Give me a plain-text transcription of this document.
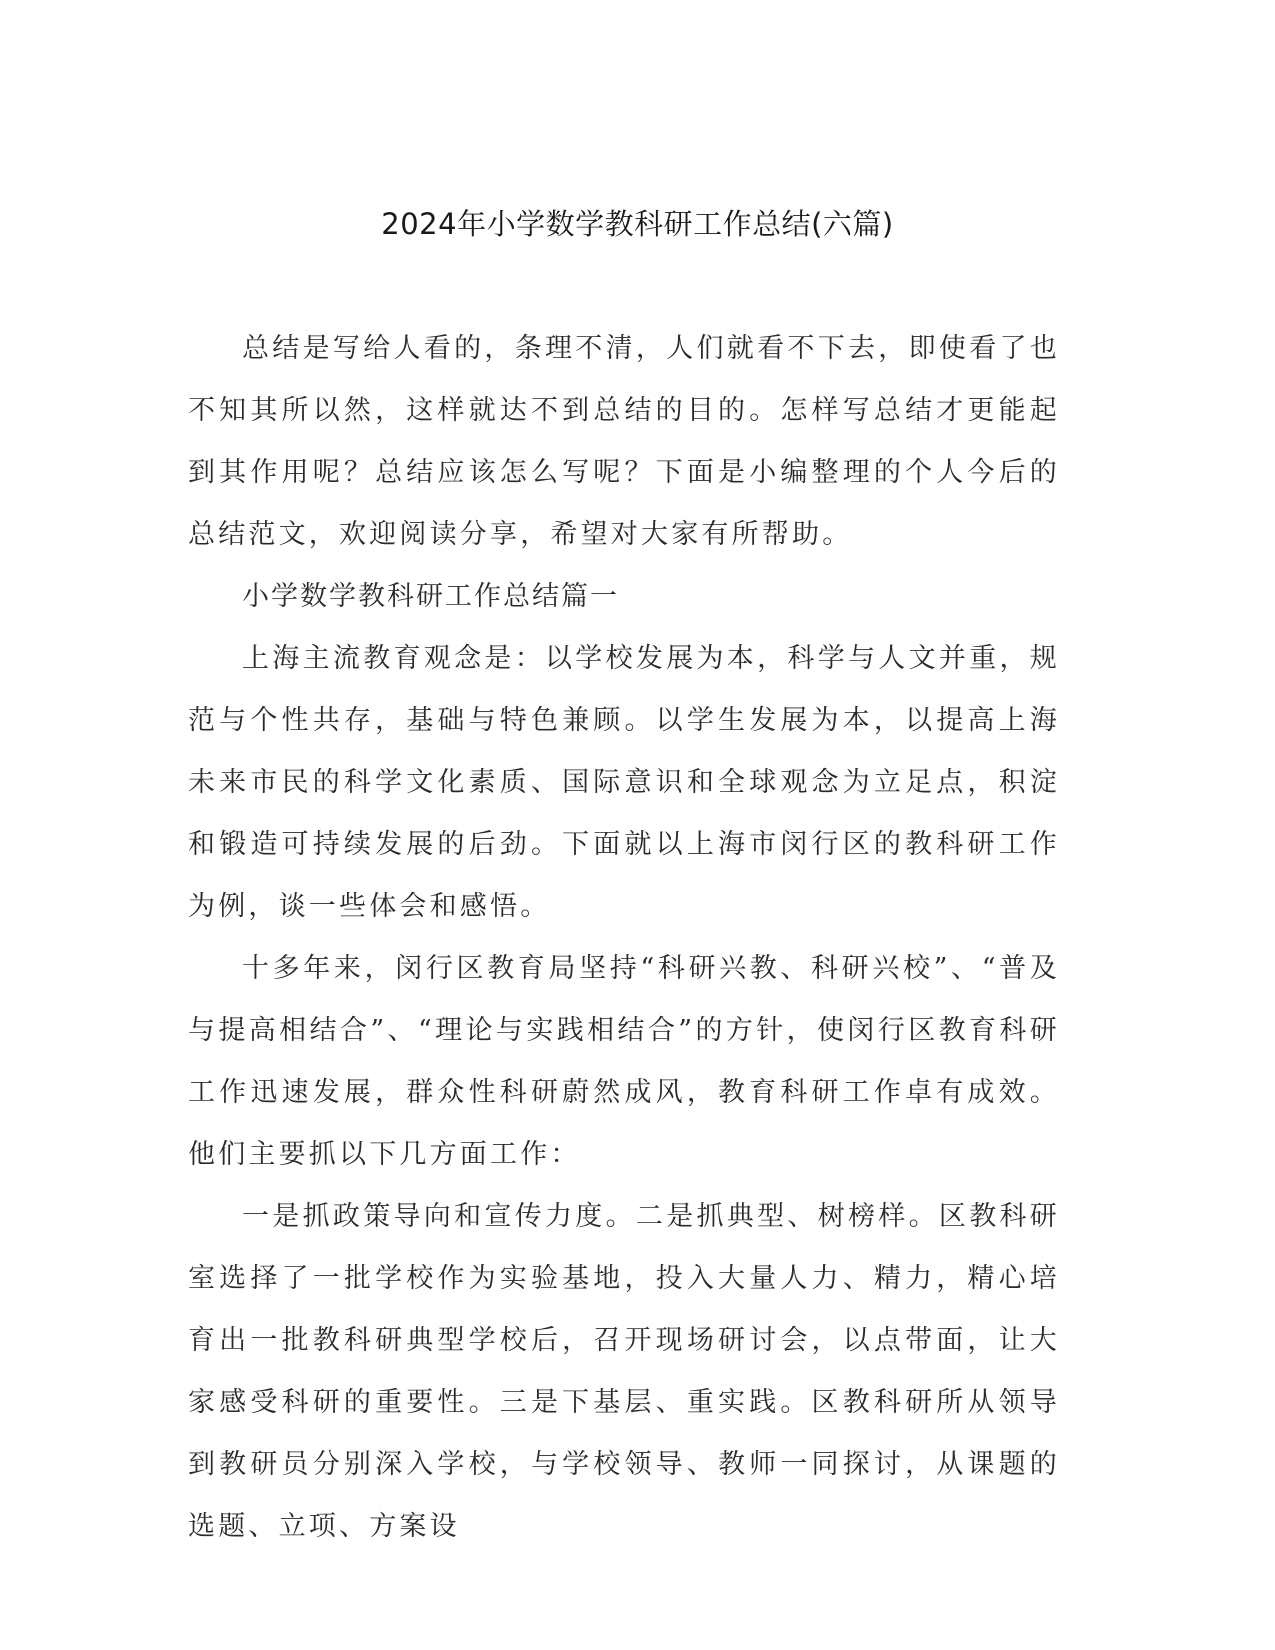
2024年小学数学教科研工作总结(六篇)

总结是写给人看的，条理不清，人们就看不下去，即使看了也不知其所以然，这样就达不到总结的目的。怎样写总结才更能起到其作用呢？总结应该怎么写呢？下面是小编整理的个人今后的总结范文，欢迎阅读分享，希望对大家有所帮助。

小学数学教科研工作总结篇一

上海主流教育观念是：以学校发展为本，科学与人文并重，规范与个性共存，基础与特色兼顾。以学生发展为本，以提高上海未来市民的科学文化素质、国际意识和全球观念为立足点，积淀和锻造可持续发展的后劲。下面就以上海市闵行区的教科研工作为例，谈一些体会和感悟。

十多年来，闵行区教育局坚持“科研兴教、科研兴校”、“普及与提高相结合”、“理论与实践相结合”的方针，使闵行区教育科研工作迅速发展，群众性科研蔚然成风，教育科研工作卓有成效。他们主要抓以下几方面工作：

一是抓政策导向和宣传力度。二是抓典型、树榜样。区教科研室选择了一批学校作为实验基地，投入大量人力、精力，精心培育出一批教科研典型学校后，召开现场研讨会，以点带面，让大家感受科研的重要性。三是下基层、重实践。区教科研所从领导到教研员分别深入学校，与学校领导、教师一同探讨，从课题的选题、立项、方案设
